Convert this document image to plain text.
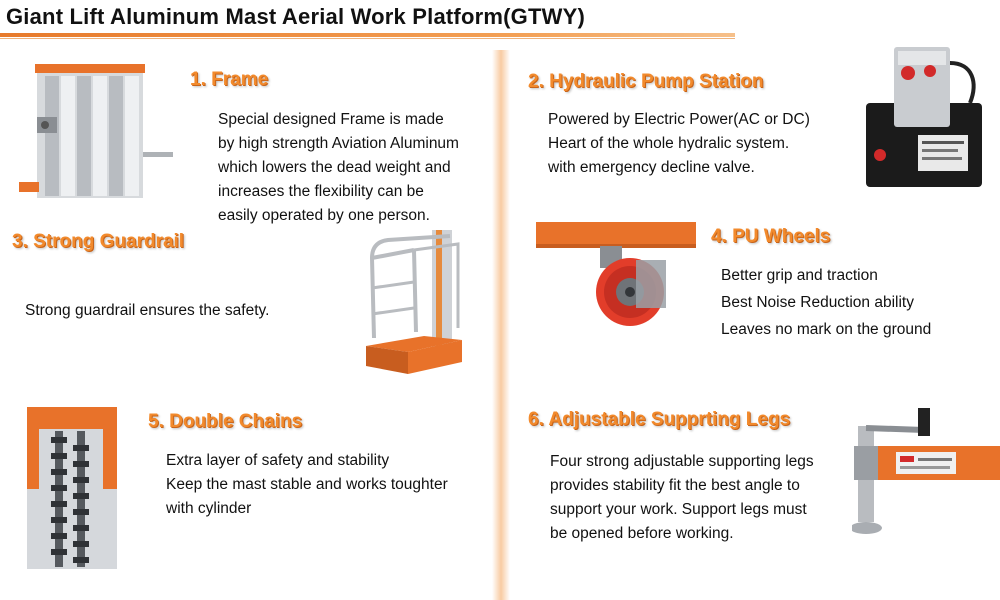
Giant Lift Aluminum Mast Aerial Work Platform(GTWY)
1. Frame
Special designed Frame is made
by high strength Aviation Aluminum
which lowers the dead weight and
increases the flexibility can be
easily operated by one person.
2. Hydraulic Pump Station
Powered by Electric Power(AC or DC)
Heart of the whole hydralic system.
with emergency decline valve.
3. Strong Guardrail
Strong guardrail ensures the safety.
4. PU Wheels
Better grip and traction
Best Noise Reduction ability
Leaves no mark on the ground
5. Double Chains
Extra layer of safety and stability
Keep the mast stable and works toughter
with cylinder
6. Adjustable Supprting Legs
Four strong adjustable supporting legs
provides stability fit the best angle to
support your work. Support legs must
be opened before working.
